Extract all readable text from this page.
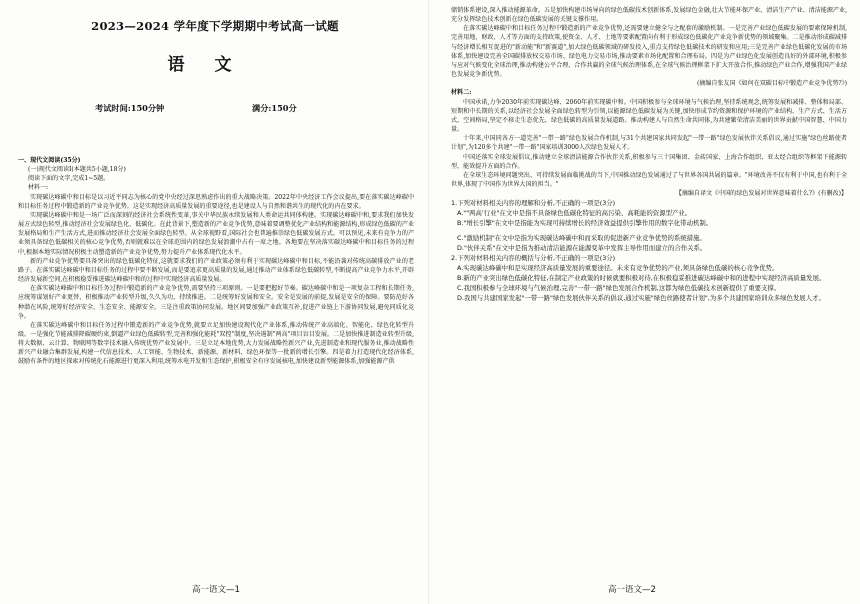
2023—2024 学年度下学期期中考试高一试题
语文
考试时间:150分钟	满分:150分

一、现代文阅读(35分)

(一)现代文阅读Ⅰ(本题共5小题,18分)

阅读下面的文字,完成1~5题。

材料一:

实现碳达峰碳中和目标是以习近平同志为核心的党中央经过深思熟虑作出的重大战略决策。2022年中央经济工作会议提出,要在落实碳达峰碳中和目标任务过程中锻造新的产业竞争优势。这是实现经济高质量发展的重要途径,也是建设人与自然和谐共生的现代化的内在要求。

实现碳达峰碳中和是一场广泛而深刻的经济社会系统性变革,事关中华民族永续发展和人类命运共同体构建。实现碳达峰碳中和,要求我们加快发展方式绿色转型,推动经济社会发展绿色化、低碳化。在此背景下,塑造新的产业竞争优势,意味着要调整优化产业结构和能源结构,形成绿色低碳的产业发展格局和生产生活方式,进而推动经济社会发展全面绿色转型。从全球视野看,国际社会也普遍推崇绿色低碳发展方式。可以预见,未来有竞争力的产业须具备绿色低碳相关的核心竞争优势,否则就难以在全球范围内的绿色发展浪潮中占有一席之地。各地要在坚决落实碳达峰碳中和目标任务的过程中,根据本地实际情况积极主动塑造新的产业竞争优势,努力提升产业体系现代化水平。

新的产业竞争优势要具备突出的绿色低碳化特征,这就要求我们的产业政策必须有利于实现碳达峰碳中和目标,不能沿袭对传统高碳排放产业的老路子。在落实碳达峰碳中和目标任务的过程中要不断发展,而是要追求更高质量的发展,通过推动产业体系绿色低碳转型,不断提高产业竞争力水平,开辟经济发展新空间,在积极稳妥推进碳达峰碳中和的过程中实现经济高质量发展。

在落实碳达峰碳中和目标任务过程中锻造新的产业竞争优势,需要坚持三项原则。一是要把握好节奏。碳达峰碳中和是一项复杂工程和长期任务,应统筹谋划好产业更替、积极推动产业转型升级,久久为功、持续推进。二是统筹好发展和安全。安全是发展的前提,发展是安全的保障。要防范好各种潜在风险,统筹好经济安全、生态安全、能源安全。三是注重政策协同发展。地区间要加强产业政策互补,促进产业链上下游协同发展,避免同质化竞争。

在落实碳达峰碳中和目标任务过程中锻造新的产业竞争优势,就要立足加快建设现代化产业体系,推动传统产业高端化、智能化、绿色化转型升级。一是强化节能减排降碳硬约束,倒逼产业绿色低碳转型,完善和强化能耗"双控"制度,坚决遏制"两高"项目盲目发展。二是加快推进制造业转型升级,将大数据、云计算、物联网等数字技术融入传统优势产业发展中。三是立足本地优势,大力发展战略性新兴产业,先进制造业和现代服务业,推动战略性新兴产业融合集群发展,构建一代信息技术、人工智能、生物技术、新能源、新材料、绿色环保等一批新的增长引擎。四是着力打造现代化经济体系,鼓励有条件的地区探索对传统化石能源进行更深入利用,统筹水电开发和生态保护,积极安全有序发展核电,加快建设新型能源体系,加强能源产供

高一语文—1

储销体系建设,深入推动能源革命。五是加快构建市场导向的绿色低碳技术创新体系,发展绿色金融,壮大节能环保产业、清洁生产产业、清洁能源产业,充分发挥绿色技术创新在绿色低碳发展的关键支撑作用。

在落实碳达峰碳中和目标任务过程中锻造新的产业竞争优势,还需要建立健全与之配套的激励机制。一是完善产业绿色低碳发展的要素保障机制,完善用地、财政、人才等方面的支持政策,使资金、人才、土地等要素配置向有利于形成绿色低碳化产业竞争新优势的领域聚集。二是推动形成碳减排与经济增长相互促进的"新动能"和"新赛道",加大绿色低碳领域的研发投入,重点支持绿色低碳技术的研发和应用;三是完善产业绿色低碳化发展的市场体系,加快建设完善全国碳排放权交易市场、绿色电力交易市场,推动要素市场化配置和合理布局。四是为产业绿色化发展创造良好的外部环境,积极参与应对气候变化全球治理,推动构建公平合理、合作共赢的全球气候治理体系,在全球气候治理框架下扩大开放合作,推动绿色产业合作,增强我国产业绿色发展竞争新优势。

(摘编自张友国《如何在双碳目标中锻造产业竞争优势?》)

材料二:

中国承诺,力争2030年前实现碳达峰、2060年前实现碳中和。中国积极参与全球环境与气候治理,坚持系统观念,统筹发展和减排、整体和局部、短期和中长期的关系,以经济社会发展全面绿色转型为引领,以能源绿色低碳发展为关键,加快形成节约资源和保护环境的产业结构、生产方式、生活方式、空间格局,坚定不移走生态优先、绿色低碳的高质量发展道路。推动构建人与自然生命共同体,为共建繁荣清洁美丽的世界贡献中国智慧、中国力量。

十年来,中国同各方一道完善"一带一路"绿色发展合作机制,与31个共建国家共同发起"一带一路"绿色发展伙伴关系倡议,通过实施"绿色丝路使者计划",为120多个共建"一带一路"国家培训3000人次绿色发展人才。

中国还落实全球发展倡议,推动建立全球清洁能源合作伙伴关系,积极参与三十国集团、金砖国家、上海合作组织、亚太经合组织等框架下能源转型、能效提升方面的合作。

在全球生态环境问题突出、可持续发展面临挑战的当下,中国推动绿色发展通过了与世界各国共展的篇章。"环境改善不仅有利于中国,也有利于全世界,体现了中国作为世界大国的担当。"

【摘编自译文《中国的绿色发展对世界意味着什么?》(有删改)】

1.下列对材料相关内容的理解和分析,不正确的一项是(3分)

A.""两高'行业"在文中是指不具备绿色低碳化特征的高污染、高耗能的资源型产业。

B."增长引擎"在文中是指能为实现可持续增长的经济效益提供引擎作用的数字化带动机制。

C."激励机制"在文中是指为实现碳达峰碳中和而采取的促进新产业竞争优势的系统措施。

D."伙伴关系"在文中是指为推动清洁能源在能源变革中发挥主导作用而建立的合作关系。

2.下列对材料相关内容的概括与分析,不正确的一项是(3分)

A.实现碳达峰碳中和是实现经济高质量发展的重要途径。未来有竞争优势的产业,须具备绿色低碳的核心竞争优势。

B.新的产业突出绿色低碳化特征,在制定产业政策的时候就要积极对待,在积极稳妥推进碳达峰碳中和的进程中实现经济高质量发展。

C.我国积极参与全球环境与气候治理,完善"一带一路"绿色发展合作机制,这都为绿色低碳技术创新提供了重要支撑。

D.我国与共建国家发起"一带一路"绿色发展伙伴关系的倡议,通过实施"绿色丝路使者计划",为多个共建国家培训众多绿色发展人才。

高一语文—2
